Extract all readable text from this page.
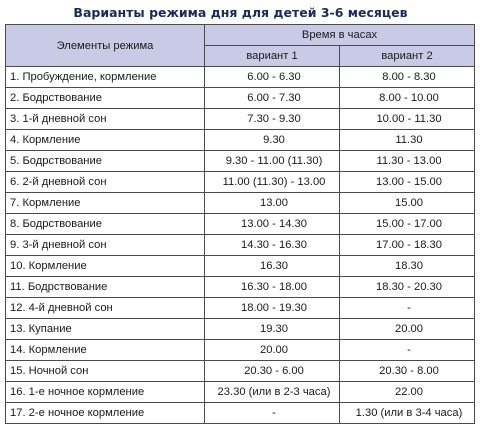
Варианты режима дня для детей 3-6 месяцев
Элементы режима	Время в часах	
	вариант 1	вариант 2
1. Пробуждение, кормление	6.00 - 6.30	8.00 - 8.30
2. Бодрствование	6.00 - 7.30	8.00 - 10.00
3. 1-й дневной сон	7.30 - 9.30	10.00 - 11.30
4. Кормление	9.30	11.30
5. Бодрствование	9.30 - 11.00 (11.30)	11.30 - 13.00
6. 2-й дневной сон	11.00 (11.30) - 13.00	13.00 - 15.00
7. Кормление	13.00	15.00
8. Бодрствование	13.00 - 14.30	15.00 - 17.00
9. 3-й дневной сон	14.30 - 16.30	17.00 - 18.30
10. Кормление	16.30	18.30
11. Бодрствование	16.30 - 18.00	18.30 - 20.30
12. 4-й дневной сон	18.00 - 19.30	-
13. Купание	19.30	20.00
14. Кормление	20.00	-
15. Ночной сон	20.30 - 6.00	20.30 - 8.00
16. 1-е ночное кормление	23.30 (или в 2-3 часа)	22.00
17. 2-е ночное кормление	-	1.30 (или в 3-4 часа)
